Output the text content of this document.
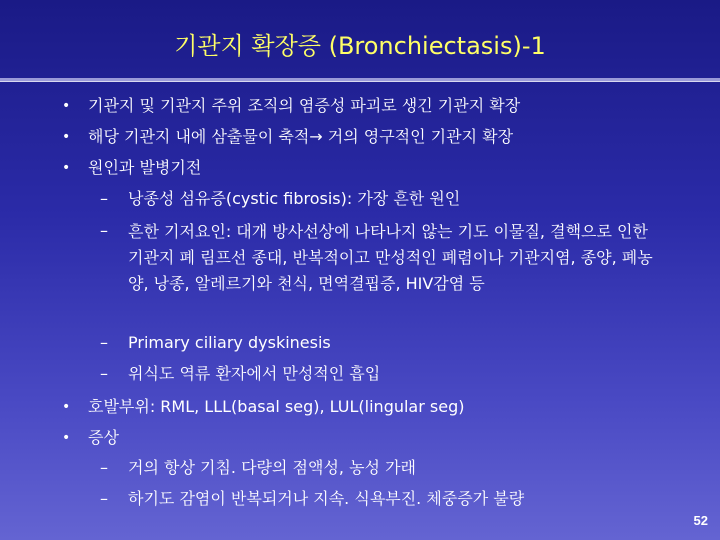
기관지 확장증 (Bronchiectasis)-1
• 기관지 및 기관지 주위 조직의 염증성 파괴로 생긴 기관지 확장
• 해당 기관지 내에 삼출물이 축적→ 거의 영구적인 기관지 확장
• 원인과 발병기전
–	낭종성 섬유증(cystic fibrosis): 가장 흔한 원인
–	흔한 기저요인: 대개 방사선상에 나타나지 않는 기도 이물질, 결핵으로 인한 기관지 폐 림프선 종대, 반복적이고 만성적인 폐렴이나 기관지염, 종양, 폐농양, 낭종, 알레르기와 천식, 면역결핍증, HIV감염 등
–	Primary ciliary dyskinesis
–	위식도 역류 환자에서 만성적인 흡입
• 호발부위: RML, LLL(basal seg), LUL(lingular seg)
• 증상
–	거의 항상 기침. 다량의 점액성, 농성 가래
–	하기도 감염이 반복되거나 지속. 식욕부진. 체중증가 불량
52
